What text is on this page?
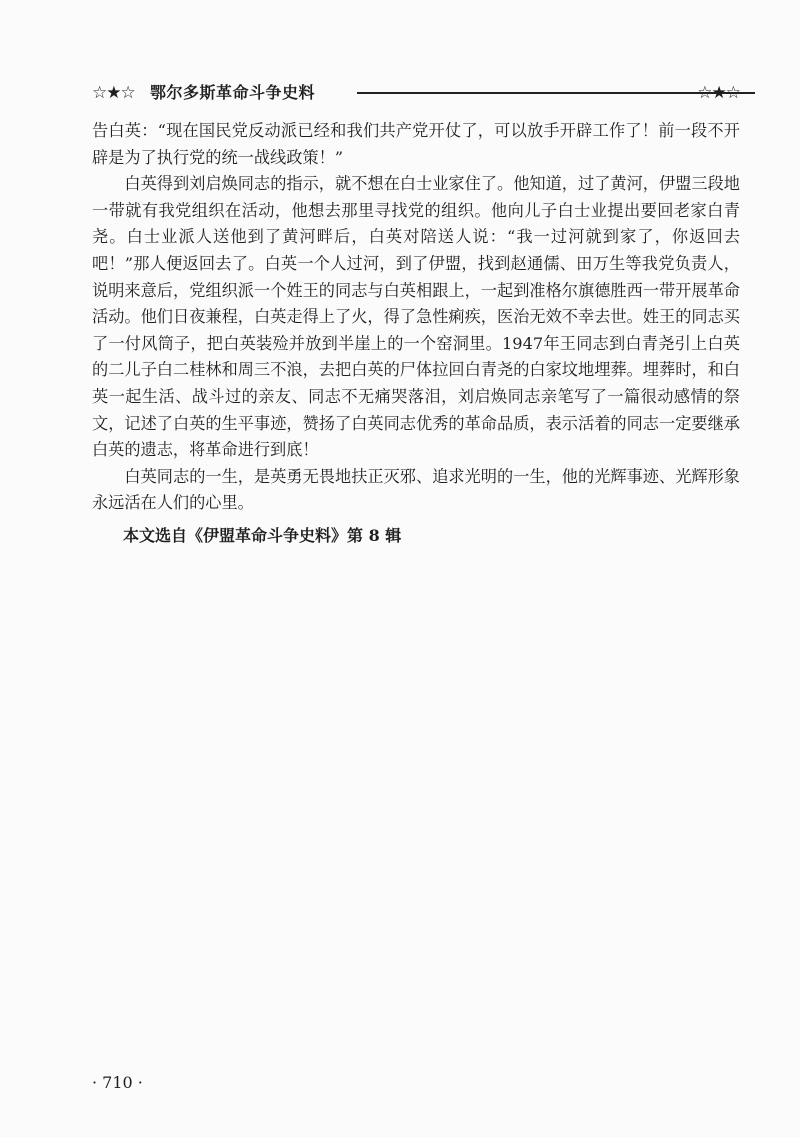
☆★☆ 鄂尔多斯革命斗争史料	☆★☆

告白英：“现在国民党反动派已经和我们共产党开仗了，可以放手开辟工作了！前一段不开辟是为了执行党的统一战线政策！”

白英得到刘启焕同志的指示，就不想在白士业家住了。他知道，过了黄河，伊盟三段地一带就有我党组织在活动，他想去那里寻找党的组织。他向儿子白士业提出要回老家白青尧。白士业派人送他到了黄河畔后，白英对陪送人说：“我一过河就到家了，你返回去吧！”那人便返回去了。白英一个人过河，到了伊盟，找到赵通儒、田万生等我党负责人，说明来意后，党组织派一个姓王的同志与白英相跟上，一起到准格尔旗德胜西一带开展革命活动。他们日夜兼程，白英走得上了火，得了急性痢疾，医治无效不幸去世。姓王的同志买了一付风筒子，把白英装殓并放到半崖上的一个窑洞里。1947年王同志到白青尧引上白英的二儿子白二桂林和周三不浪，去把白英的尸体拉回白青尧的白家坟地埋葬。埋葬时，和白英一起生活、战斗过的亲友、同志不无痛哭落泪，刘启焕同志亲笔写了一篇很动感情的祭文，记述了白英的生平事迹，赞扬了白英同志优秀的革命品质，表示活着的同志一定要继承白英的遗志，将革命进行到底！

白英同志的一生，是英勇无畏地扶正灭邪、追求光明的一生，他的光辉事迹、光辉形象永远活在人们的心里。

本文选自《伊盟革命斗争史料》第 8 辑
· 710 ·
